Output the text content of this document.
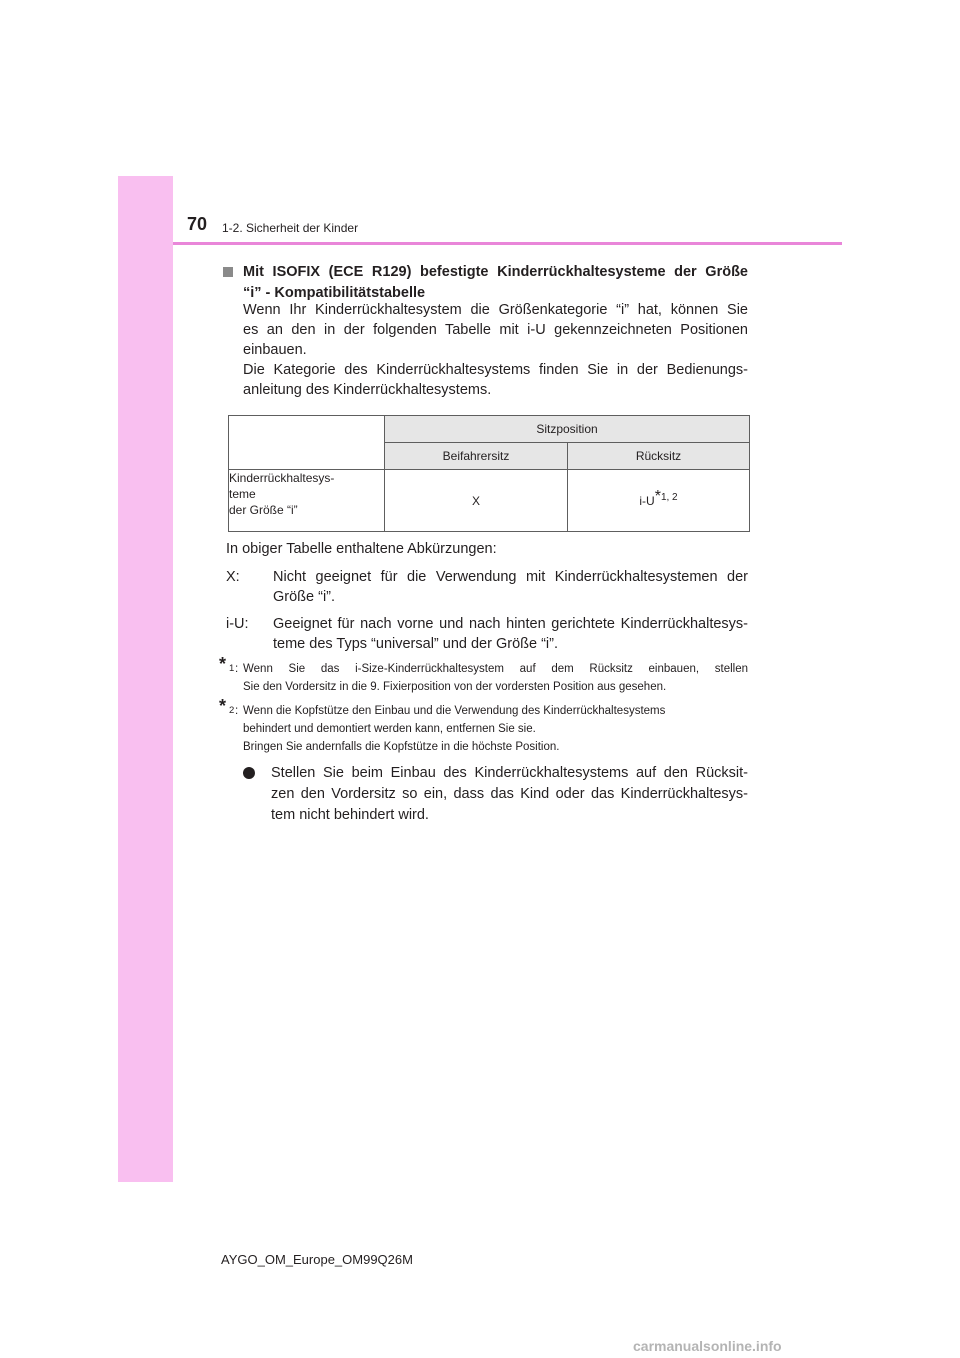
70 1-2. Sicherheit der Kinder
Mit ISOFIX (ECE R129) befestigte Kinderrückhaltesysteme der Größe
“i” - Kompatibilitätstabelle
Wenn Ihr Kinderrückhaltesystem die Größenkategorie “i” hat, können Sie
es an den in der folgenden Tabelle mit i-U gekennzeichneten Positionen
einbauen.
Die Kategorie des Kinderrückhaltesystems finden Sie in der Bedienungs-
anleitung des Kinderrückhaltesystems.
	Sitzposition	
	Beifahrersitz	Rücksitz

Kinderrückhaltesys-
teme
der Größe “i”	X	i-U$^{*1, 2}$
In obiger Tabelle enthaltene Abkürzungen:
X: Nicht geeignet für die Verwendung mit Kinderrückhaltesystemen der
Größe “i”.
i-U: Geeignet für nach vorne und nach hinten gerichtete Kinderrückhaltesys-
teme des Typs “universal” und der Größe “i”.
* 1 : Wenn Sie das i-Size-Kinderrückhaltesystem auf dem Rücksitz einbauen, stellen
Sie den Vordersitz in die 9. Fixierposition von der vordersten Position aus gesehen.
* 2 : Wenn die Kopfstütze den Einbau und die Verwendung des Kinderrückhaltesystems
behindert und demontiert werden kann, entfernen Sie sie.
Bringen Sie andernfalls die Kopfstütze in die höchste Position.
Stellen Sie beim Einbau des Kinderrückhaltesystems auf den Rücksit-
zen den Vordersitz so ein, dass das Kind oder das Kinderrückhaltesys-
tem nicht behindert wird.
AYGO_OM_Europe_OM99Q26M
carmanualsonline.info
